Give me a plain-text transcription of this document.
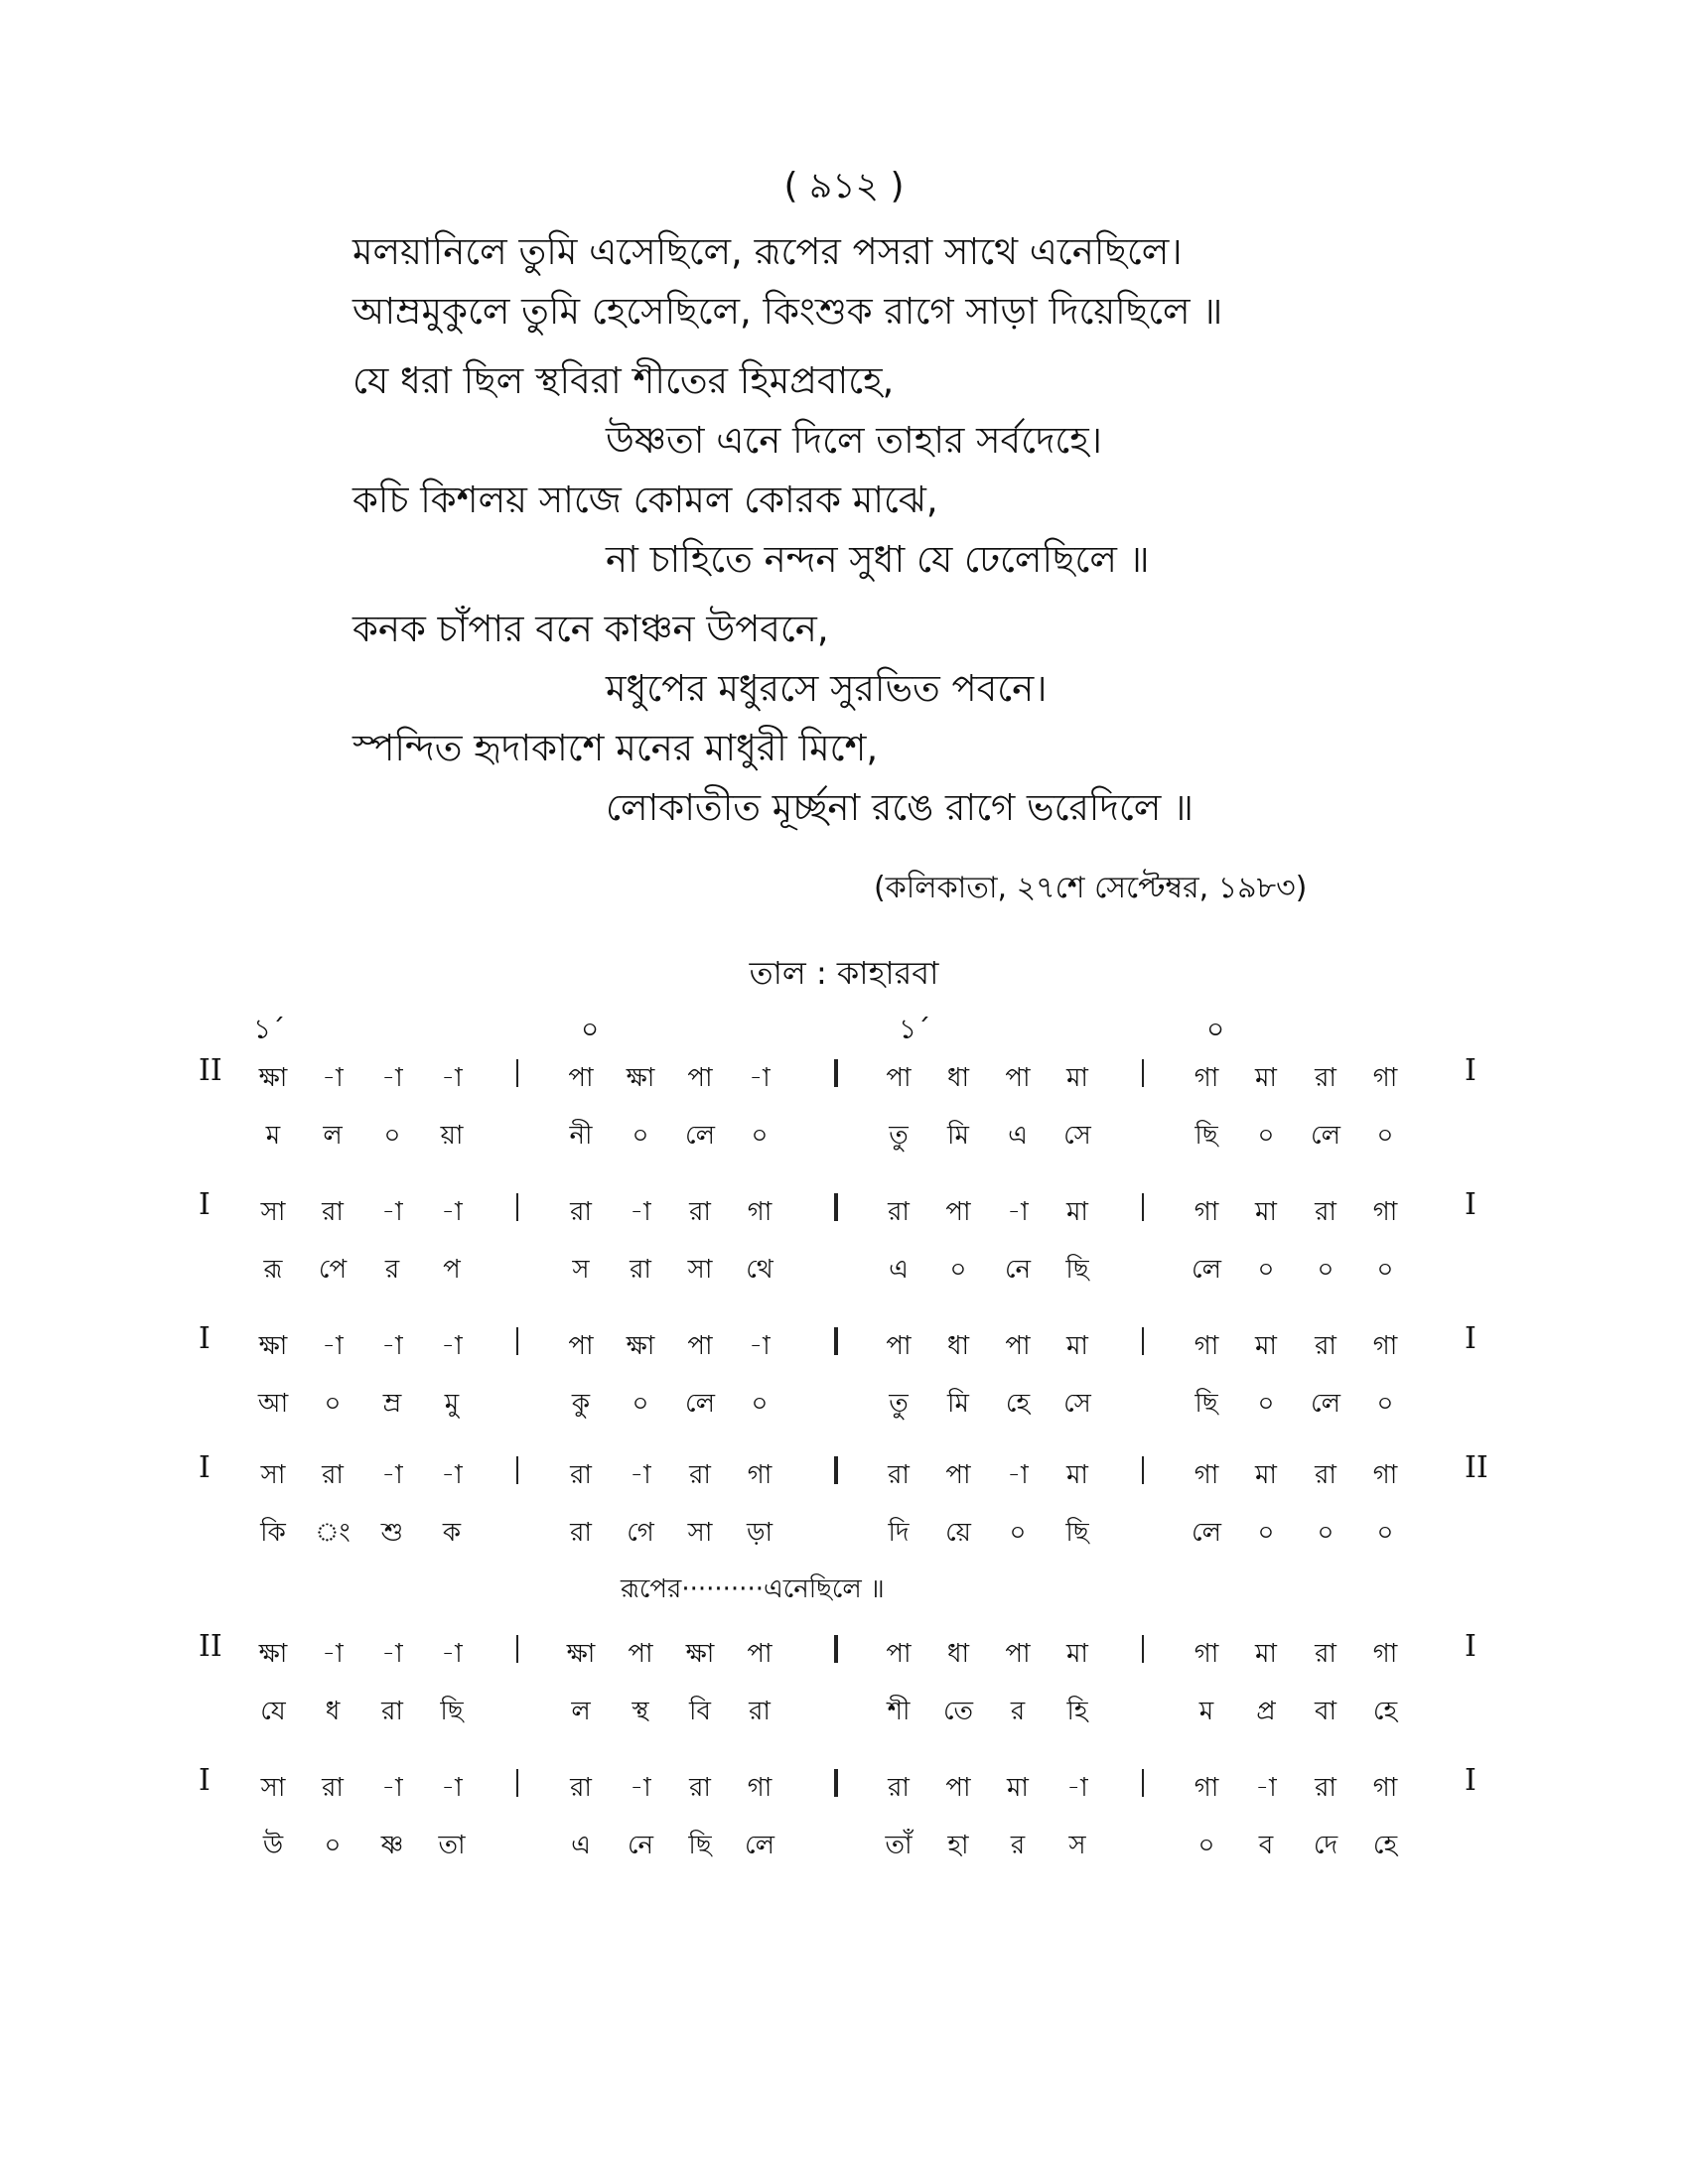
( ৯১২ )
মলয়ানিলে তুমি এসেছিলে, রূপের পসরা সাথে এনেছিলে।
আম্রমুকুলে তুমি হেসেছিলে, কিংশুক রাগে সাড়া দিয়েছিলে ॥
যে ধরা ছিল স্থবিরা শীতের হিমপ্রবাহে,
উষ্ণতা এনে দিলে তাহার সর্বদেহে।
কচি কিশলয় সাজে কোমল কোরক মাঝে,
না চাহিতে নন্দন সুধা যে ঢেলেছিলে ॥
কনক চাঁপার বনে কাঞ্চন উপবনে,
মধুপের মধুরসে সুরভিত পবনে।
স্পন্দিত হৃদাকাশে মনের মাধুরী মিশে,
লোকাতীত মূর্চ্ছনা রঙে রাগে ভরেদিলে ॥
(কলিকাতা, ২৭শে সেপ্টেম্বর, ১৯৮৩)
তাল : কাহারবা
১´	০	১´	০
II	I
ক্ষা	-া	-া	-া	পা	ক্ষা	পা	-া	পা	ধা	পা	মা	গা	মা	রা	গা
ম	ল	০	য়া	নী	০	লে	০	তু	মি	এ	সে	ছি	০	লে	০
I	I
সা	রা	-া	-া	রা	-া	রা	গা	রা	পা	-া	মা	গা	মা	রা	গা
রূ	পে	র	প	স	রা	সা	থে	এ	০	নে	ছি	লে	০	০	০
I	I
ক্ষা	-া	-া	-া	পা	ক্ষা	পা	-া	পা	ধা	পা	মা	গা	মা	রা	গা
আ	০	ম্র	মু	কু	০	লে	০	তু	মি	হে	সে	ছি	০	লে	০
I	II
সা	রা	-া	-া	রা	-া	রা	গা	রা	পা	-া	মা	গা	মা	রা	গা
কি	ং	শু	ক	রা	গে	সা	ড়া	দি	য়ে	০	ছি	লে	০	০	০
II	I
ক্ষা	-া	-া	-া	ক্ষা	পা	ক্ষা	পা	পা	ধা	পা	মা	গা	মা	রা	গা
যে	ধ	রা	ছি	ল	স্থ	বি	রা	শী	তে	র	হি	ম	প্র	বা	হে
I	I
সা	রা	-া	-া	রা	-া	রা	গা	রা	পা	মা	-া	গা	-া	রা	গা
উ	০	ষ্ণ	তা	এ	নে	ছি	লে	তাঁ	হা	র	স	০	ব	দে	হে
রূপের··········এনেছিলে ॥
